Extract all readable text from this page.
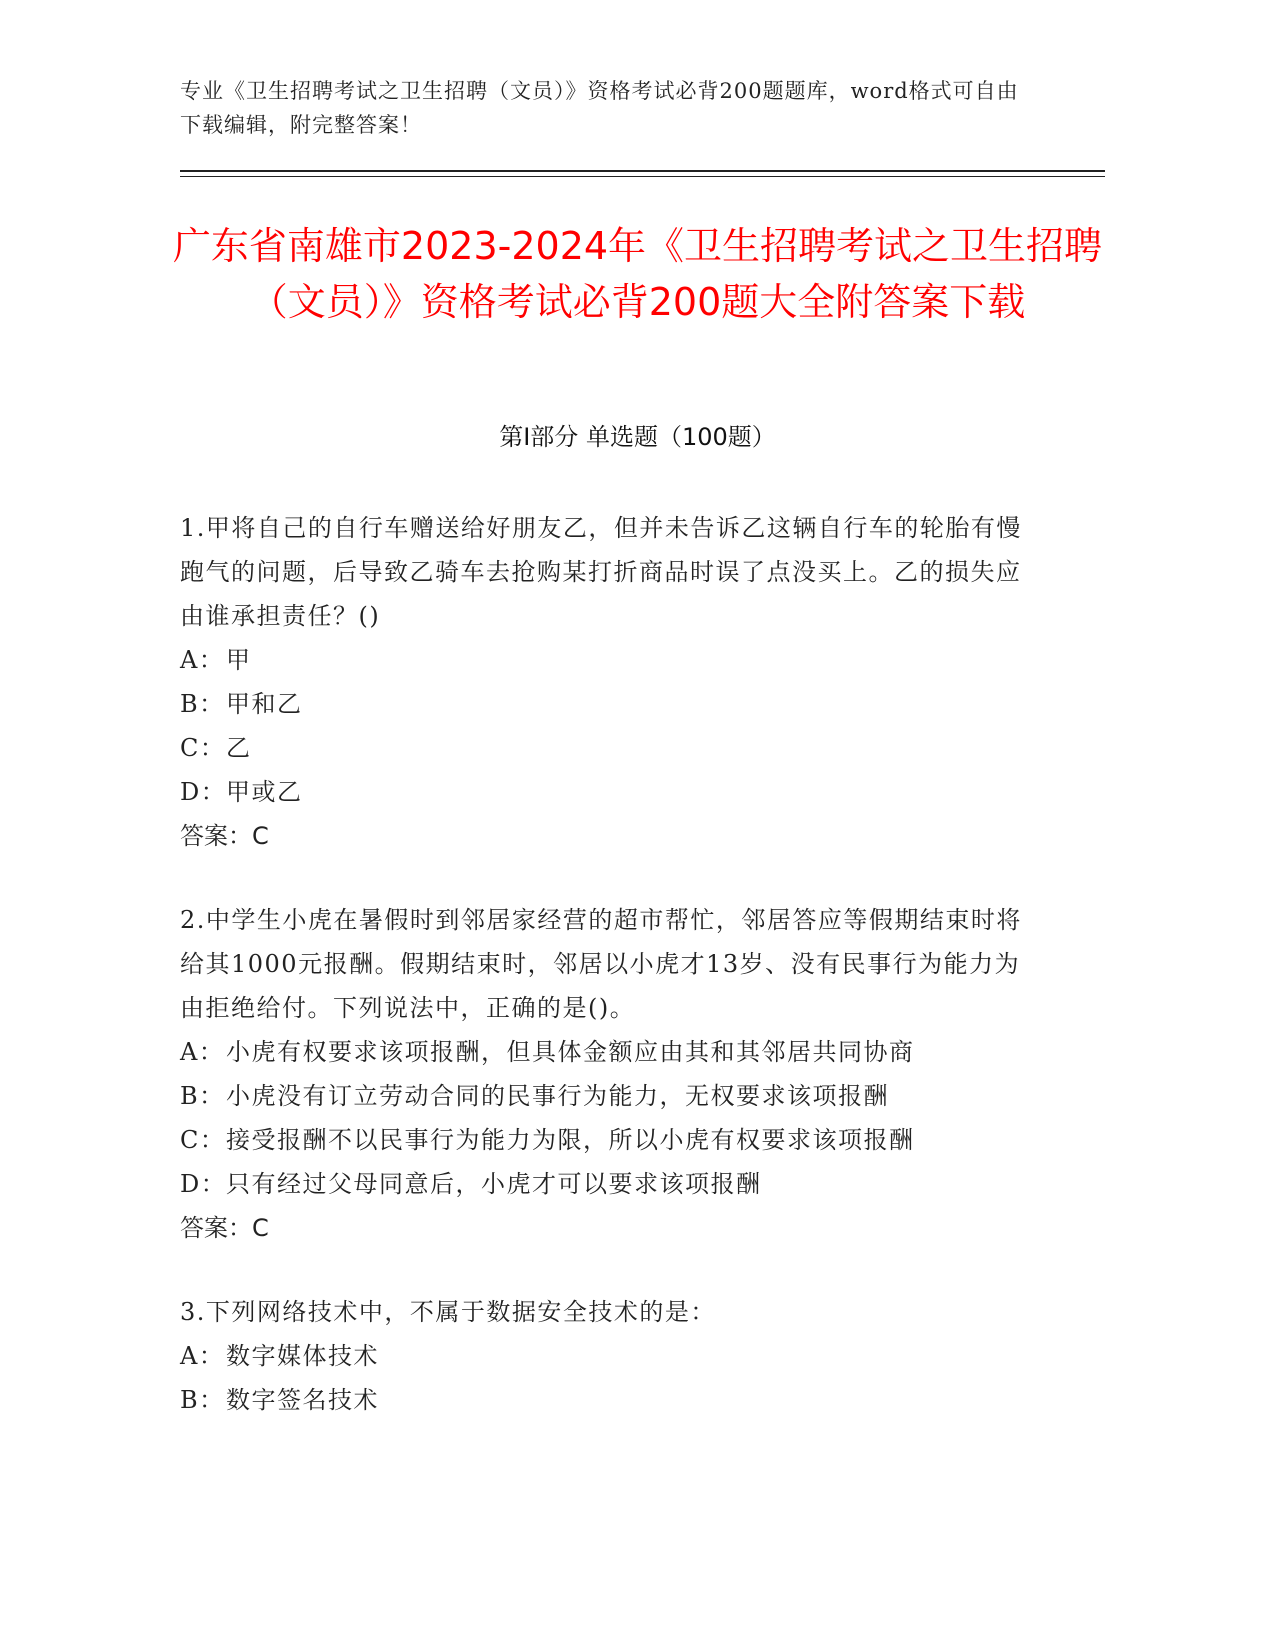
专业《卫生招聘考试之卫生招聘（文员）》资格考试必背200题题库，word格式可自由下载编辑，附完整答案！
广东省南雄市2023-2024年《卫生招聘考试之卫生招聘（文员）》资格考试必背200题大全附答案下载
第Ⅰ部分 单选题（100题）
1.甲将自己的自行车赠送给好朋友乙，但并未告诉乙这辆自行车的轮胎有慢跑气的问题，后导致乙骑车去抢购某打折商品时误了点没买上。乙的损失应由谁承担责任？()
A： 甲
B： 甲和乙
C： 乙
D： 甲或乙
答案：C
2.中学生小虎在暑假时到邻居家经营的超市帮忙，邻居答应等假期结束时将给其1000元报酬。假期结束时，邻居以小虎才13岁、没有民事行为能力为由拒绝给付。下列说法中，正确的是()。
A： 小虎有权要求该项报酬，但具体金额应由其和其邻居共同协商
B： 小虎没有订立劳动合同的民事行为能力，无权要求该项报酬
C： 接受报酬不以民事行为能力为限，所以小虎有权要求该项报酬
D： 只有经过父母同意后，小虎才可以要求该项报酬
答案：C
3.下列网络技术中，不属于数据安全技术的是：
A： 数字媒体技术
B： 数字签名技术
